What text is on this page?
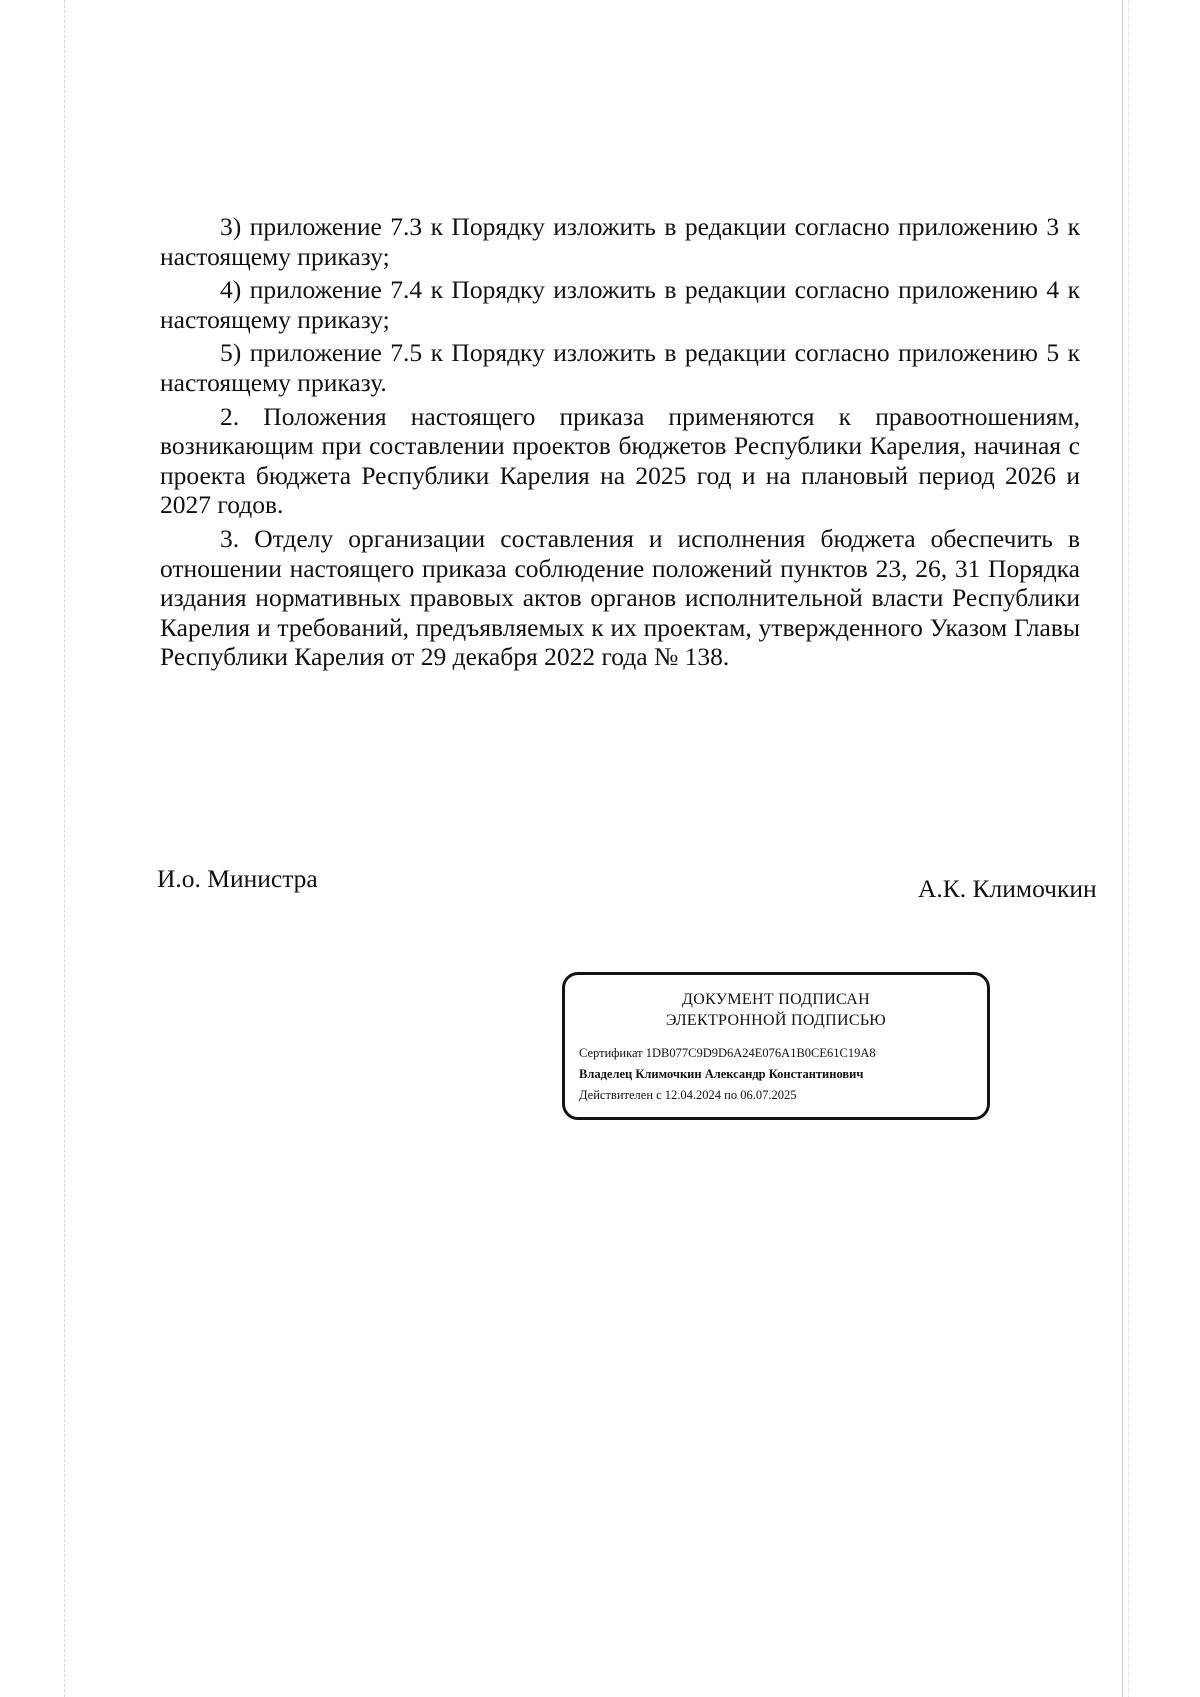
3) приложение 7.3 к Порядку изложить в редакции согласно приложению 3 к настоящему приказу;

4) приложение 7.4 к Порядку изложить в редакции согласно приложению 4 к настоящему приказу;

5) приложение 7.5 к Порядку изложить в редакции согласно приложению 5 к настоящему приказу.

2. Положения настоящего приказа применяются к правоотношениям, возникающим при составлении проектов бюджетов Республики Карелия, начиная с проекта бюджета Республики Карелия на 2025 год и на плановый период 2026 и 2027 годов.

3. Отделу организации составления и исполнения бюджета обеспечить в отношении настоящего приказа соблюдение положений пунктов 23, 26, 31 Порядка издания нормативных правовых актов органов исполнительной власти Республики Карелия и требований, предъявляемых к их проектам, утвержденного Указом Главы Республики Карелия от 29 декабря 2022 года № 138.

И.о. Министра	А.К. Климочкин
ДОКУМЕНТ ПОДПИСАН
ЭЛЕКТРОННОЙ ПОДПИСЬЮ
Сертификат 1DB077C9D9D6A24E076A1B0CE61C19A8
Владелец Климочкин Александр Константинович
Действителен с 12.04.2024 по 06.07.2025
